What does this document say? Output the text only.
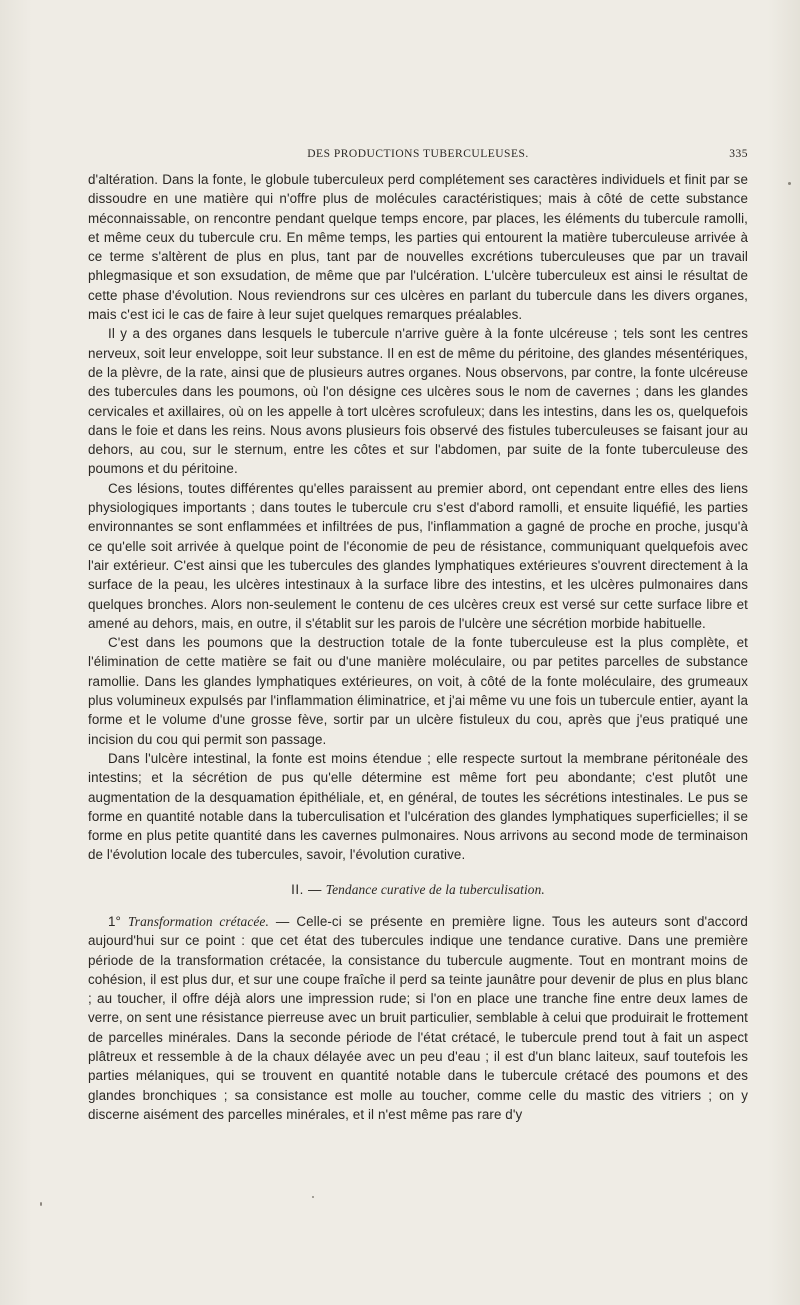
DES PRODUCTIONS TUBERCULEUSES.	335

d'altération. Dans la fonte, le globule tuberculeux perd complétement ses caractères individuels et finit par se dissoudre en une matière qui n'offre plus de molécules caractéristiques; mais à côté de cette substance méconnaissable, on rencontre pendant quelque temps encore, par places, les éléments du tubercule ramolli, et même ceux du tubercule cru. En même temps, les parties qui entourent la matière tuberculeuse arrivée à ce terme s'altèrent de plus en plus, tant par de nouvelles excrétions tuberculeuses que par un travail phlegmasique et son exsudation, de même que par l'ulcération. L'ulcère tuberculeux est ainsi le résultat de cette phase d'évolution. Nous reviendrons sur ces ulcères en parlant du tubercule dans les divers organes, mais c'est ici le cas de faire à leur sujet quelques remarques préalables.

Il y a des organes dans lesquels le tubercule n'arrive guère à la fonte ulcéreuse ; tels sont les centres nerveux, soit leur enveloppe, soit leur substance. Il en est de même du péritoine, des glandes mésentériques, de la plèvre, de la rate, ainsi que de plusieurs autres organes. Nous observons, par contre, la fonte ulcéreuse des tubercules dans les poumons, où l'on désigne ces ulcères sous le nom de cavernes ; dans les glandes cervicales et axillaires, où on les appelle à tort ulcères scrofuleux; dans les intestins, dans les os, quelquefois dans le foie et dans les reins. Nous avons plusieurs fois observé des fistules tuberculeuses se faisant jour au dehors, au cou, sur le sternum, entre les côtes et sur l'abdomen, par suite de la fonte tuberculeuse des poumons et du péritoine.

Ces lésions, toutes différentes qu'elles paraissent au premier abord, ont cependant entre elles des liens physiologiques importants ; dans toutes le tubercule cru s'est d'abord ramolli, et ensuite liquéfié, les parties environnantes se sont enflammées et infiltrées de pus, l'inflammation a gagné de proche en proche, jusqu'à ce qu'elle soit arrivée à quelque point de l'économie de peu de résistance, communiquant quelquefois avec l'air extérieur. C'est ainsi que les tubercules des glandes lymphatiques extérieures s'ouvrent directement à la surface de la peau, les ulcères intestinaux à la surface libre des intestins, et les ulcères pulmonaires dans quelques bronches. Alors non-seulement le contenu de ces ulcères creux est versé sur cette surface libre et amené au dehors, mais, en outre, il s'établit sur les parois de l'ulcère une sécrétion morbide habituelle.

C'est dans les poumons que la destruction totale de la fonte tuberculeuse est la plus complète, et l'élimination de cette matière se fait ou d'une manière moléculaire, ou par petites parcelles de substance ramollie. Dans les glandes lymphatiques extérieures, on voit, à côté de la fonte moléculaire, des grumeaux plus volumineux expulsés par l'inflammation éliminatrice, et j'ai même vu une fois un tubercule entier, ayant la forme et le volume d'une grosse fève, sortir par un ulcère fistuleux du cou, après que j'eus pratiqué une incision du cou qui permit son passage.

Dans l'ulcère intestinal, la fonte est moins étendue ; elle respecte surtout la membrane péritonéale des intestins; et la sécrétion de pus qu'elle détermine est même fort peu abondante; c'est plutôt une augmentation de la desquamation épithéliale, et, en général, de toutes les sécrétions intestinales. Le pus se forme en quantité notable dans la tuberculisation et l'ulcération des glandes lymphatiques superficielles; il se forme en plus petite quantité dans les cavernes pulmonaires. Nous arrivons au second mode de terminaison de l'évolution locale des tubercules, savoir, l'évolution curative.

II. — Tendance curative de la tuberculisation.

1° Transformation crétacée. — Celle-ci se présente en première ligne. Tous les auteurs sont d'accord aujourd'hui sur ce point : que cet état des tubercules indique une tendance curative. Dans une première période de la transformation crétacée, la consistance du tubercule augmente. Tout en montrant moins de cohésion, il est plus dur, et sur une coupe fraîche il perd sa teinte jaunâtre pour devenir de plus en plus blanc ; au toucher, il offre déjà alors une impression rude; si l'on en place une tranche fine entre deux lames de verre, on sent une résistance pierreuse avec un bruit particulier, semblable à celui que produirait le frottement de parcelles minérales. Dans la seconde période de l'état crétacé, le tubercule prend tout à fait un aspect plâtreux et ressemble à de la chaux délayée avec un peu d'eau ; il est d'un blanc laiteux, sauf toutefois les parties mélaniques, qui se trouvent en quantité notable dans le tubercule crétacé des poumons et des glandes bronchiques ; sa consistance est molle au toucher, comme celle du mastic des vitriers ; on y discerne aisément des parcelles minérales, et il n'est même pas rare d'y
